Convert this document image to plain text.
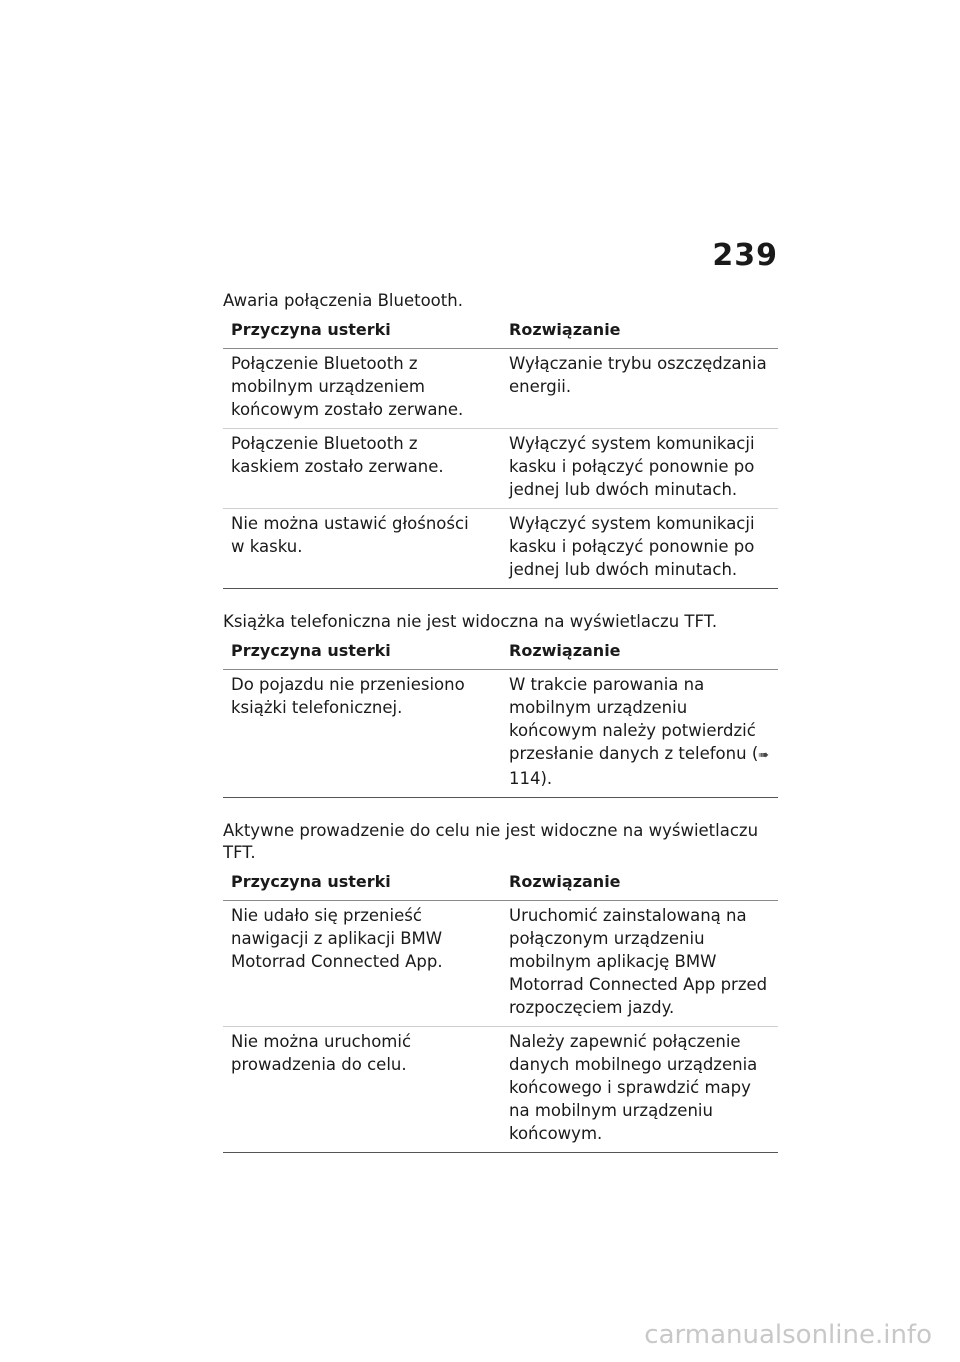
239

Awaria połączenia Bluetooth.

Przyczyna usterki	Rozwiązanie
Połączenie Bluetooth z mobilnym urządzeniem końcowym zostało zerwane.	Wyłączanie trybu oszczędzania energii.
Połączenie Bluetooth z kaskiem zostało zerwane.	Wyłączyć system komunikacji kasku i połączyć ponownie po jednej lub dwóch minutach.
Nie można ustawić głośności w kasku.	Wyłączyć system komunikacji kasku i połączyć ponownie po jednej lub dwóch minutach.

Książka telefoniczna nie jest widoczna na wyświetlaczu TFT.

Przyczyna usterki	Rozwiązanie
Do pojazdu nie przeniesiono książki telefonicznej.	W trakcie parowania na mobilnym urządzeniu końcowym należy potwierdzić przesłanie danych z telefonu (➠ 114).

Aktywne prowadzenie do celu nie jest widoczne na wyświetlaczu TFT.

Przyczyna usterki	Rozwiązanie
Nie udało się przenieść nawigacji z aplikacji BMW Motorrad Connected App.	Uruchomić zainstalowaną na połączonym urządzeniu mobilnym aplikację BMW Motorrad Connected App przed rozpoczęciem jazdy.
Nie można uruchomić prowadzenia do celu.	Należy zapewnić połączenie danych mobilnego urządzenia końcowego i sprawdzić mapy na mobilnym urządzeniu końcowym.
carmanualsonline.info
